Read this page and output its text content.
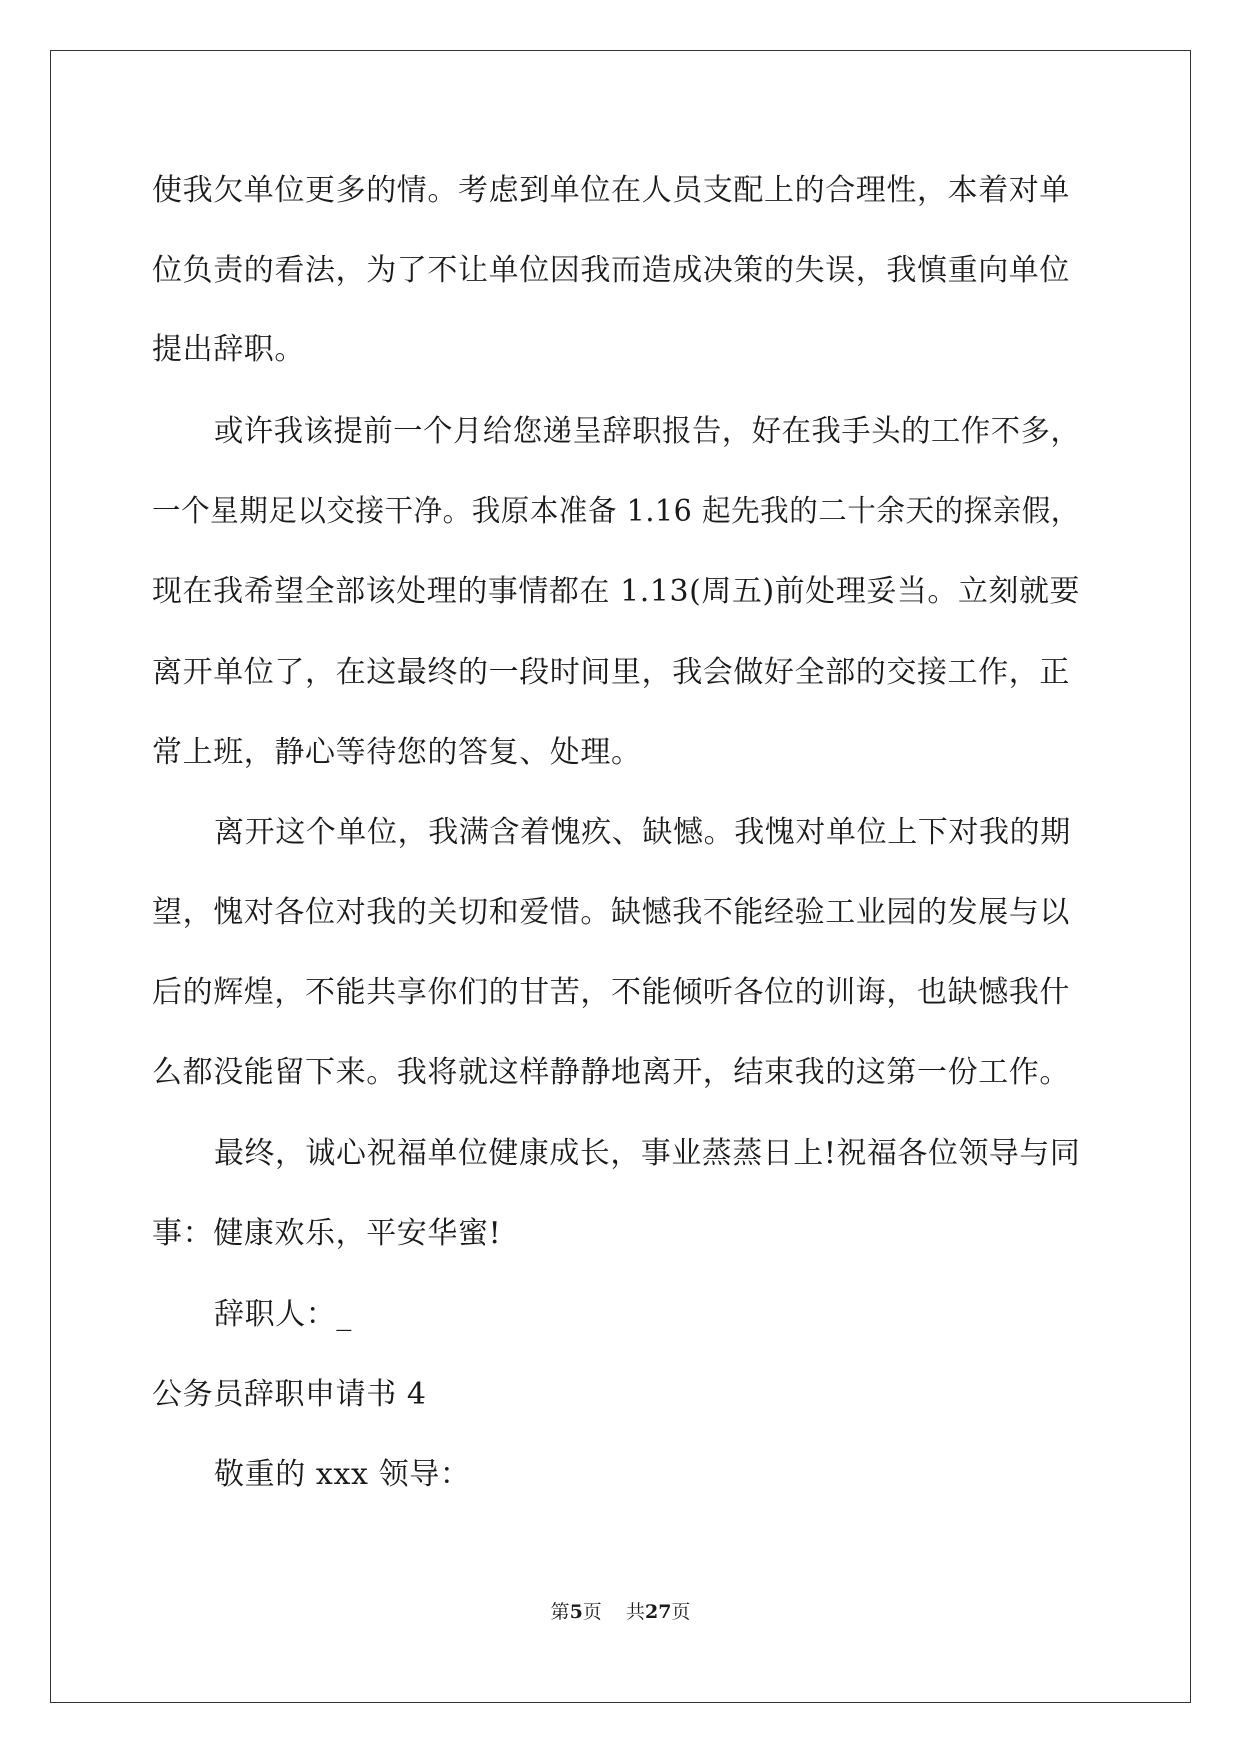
使我欠单位更多的情。考虑到单位在人员支配上的合理性，本着对单
位负责的看法，为了不让单位因我而造成决策的失误，我慎重向单位
提出辞职。
或许我该提前一个月给您递呈辞职报告，好在我手头的工作不多，
一个星期足以交接干净。我原本准备 1.16 起先我的二十余天的探亲假，
现在我希望全部该处理的事情都在 1.13(周五)前处理妥当。立刻就要
离开单位了，在这最终的一段时间里，我会做好全部的交接工作，正
常上班，静心等待您的答复、处理。
离开这个单位，我满含着愧疚、缺憾。我愧对单位上下对我的期
望，愧对各位对我的关切和爱惜。缺憾我不能经验工业园的发展与以
后的辉煌，不能共享你们的甘苦，不能倾听各位的训诲，也缺憾我什
么都没能留下来。我将就这样静静地离开，结束我的这第一份工作。
最终，诚心祝福单位健康成长，事业蒸蒸日上!祝福各位领导与同
事：健康欢乐，平安华蜜!
辞职人：_
公务员辞职申请书 4
敬重的 xxx 领导：
第5页    共27页
